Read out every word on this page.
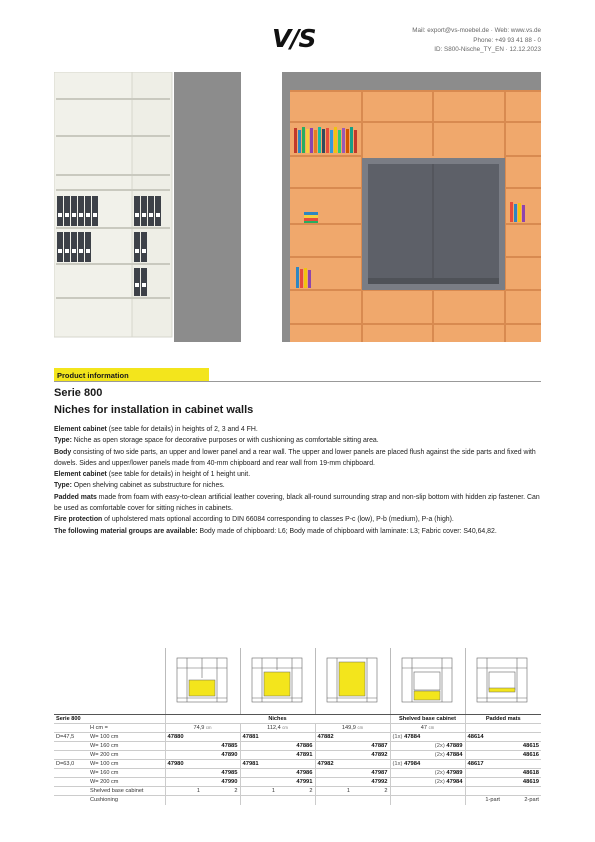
V/S	Mail: export@vs-moebel.de · Web: www.vs.de
Phone: +49 93 41 88 - 0
ID: S800-Nische_TY_EN · 12.12.2023
Product information
Serie 800
Niches for installation in cabinet walls

Element cabinet (see table for details) in heights of 2, 3 and 4 FH.

Type: Niche as open storage space for decorative purposes or with cushioning as comfortable sitting area.

Body consisting of two side parts, an upper and lower panel and a rear wall. The upper and lower panels are placed flush against the side parts and fixed with dowels. Sides and upper/lower panels made from 40-mm chipboard and rear wall from 19-mm chipboard.

Element cabinet (see table for details) in height of 1 height unit.

Type: Open shelving cabinet as substructure for niches.

Padded mats made from foam with easy-to-clean artificial leather covering, black all-round surrounding strap and non-slip bottom with hidden zip fastener. Can be used as comfortable cover for sitting niches in cabinets.

Fire protection of upholstered mats optional according to DIN 66084 corresponding to classes P-c (low), P-b (medium), P-a (high).

The following material groups are available: Body made of chipboard: L6; Body made of chipboard with laminate: L3; Fabric cover: S40,64,82.

Serie 800		Niches						Shelved base cabinet		Padded mats	
	H cm =	74,9 cm		112,4 cm		149,9 cm		47 cm			
D=47,5	W= 100 cm	47880		47881		47882		(1x) 47884		48614	
	W= 160 cm		47885		47886		47887		(2x) 47889		48615
	W= 200 cm		47890		47891		47892		(2x) 47884		48616
D=63,0	W= 100 cm	47980		47981		47982		(1x) 47984		48617	
	W= 160 cm		47985		47986		47987		(2x) 47989		48618
	W= 200 cm		47990		47991		47992		(2x) 47984		48619
	Shelved base cabinet	1	2	1	2	1	2				
	Cushioning									1-part	2-part
